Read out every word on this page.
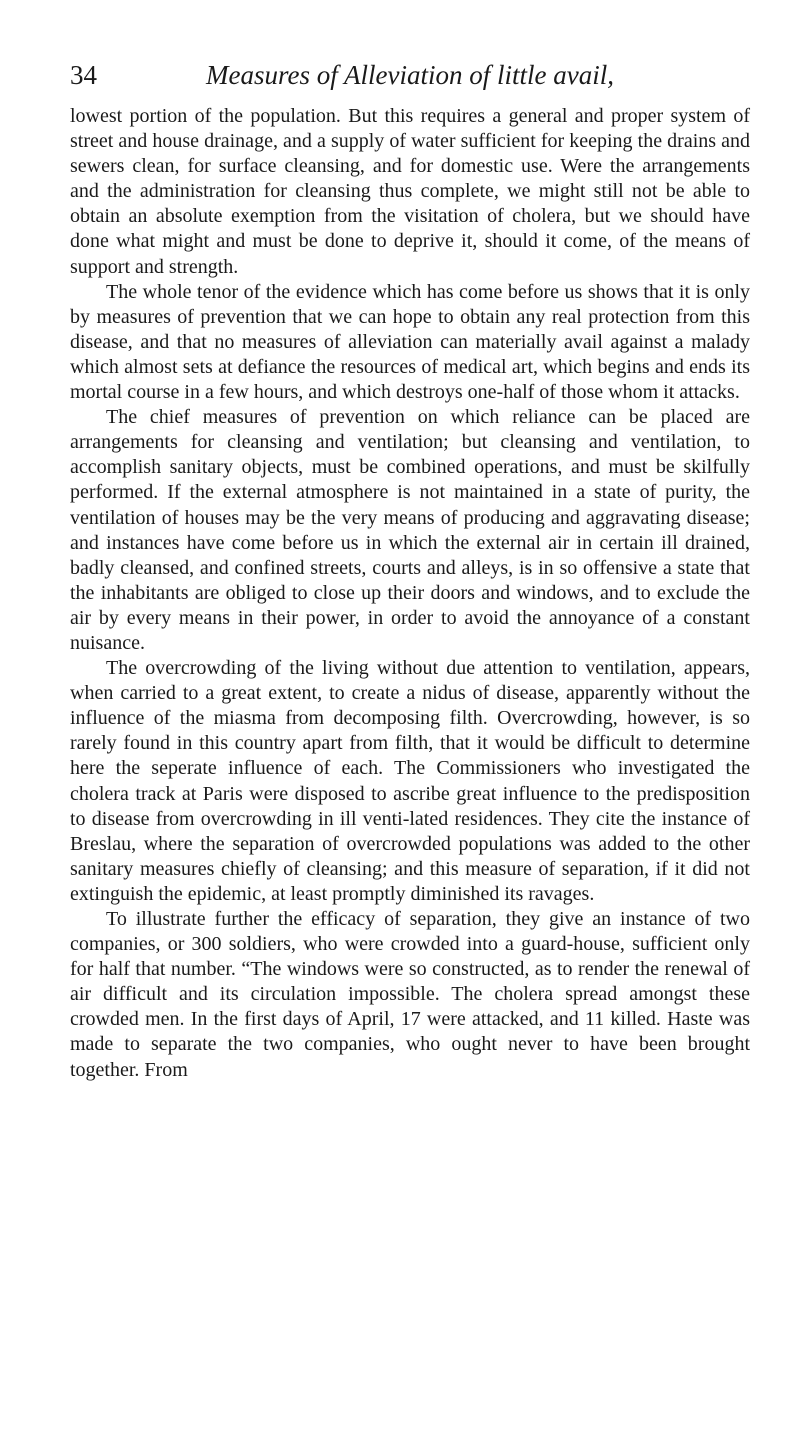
34	Measures of Alleviation of little avail,

lowest portion of the population. But this requires a general and proper system of street and house drainage, and a supply of water sufficient for keeping the drains and sewers clean, for surface cleansing, and for domestic use. Were the arrangements and the administration for cleansing thus complete, we might still not be able to obtain an absolute exemption from the visitation of cholera, but we should have done what might and must be done to deprive it, should it come, of the means of support and strength.

The whole tenor of the evidence which has come before us shows that it is only by measures of prevention that we can hope to obtain any real protection from this disease, and that no measures of alleviation can materially avail against a malady which almost sets at defiance the resources of medical art, which begins and ends its mortal course in a few hours, and which destroys one-half of those whom it attacks.

The chief measures of prevention on which reliance can be placed are arrangements for cleansing and ventilation; but cleansing and ventilation, to accomplish sanitary objects, must be combined operations, and must be skilfully performed. If the external atmosphere is not maintained in a state of purity, the ventilation of houses may be the very means of producing and aggravating disease; and instances have come before us in which the external air in certain ill drained, badly cleansed, and confined streets, courts and alleys, is in so offensive a state that the inhabitants are obliged to close up their doors and windows, and to exclude the air by every means in their power, in order to avoid the annoyance of a constant nuisance.

The overcrowding of the living without due attention to ventilation, appears, when carried to a great extent, to create a nidus of disease, apparently without the influence of the miasma from decomposing filth. Overcrowding, however, is so rarely found in this country apart from filth, that it would be difficult to determine here the seperate influence of each. The Commissioners who investigated the cholera track at Paris were disposed to ascribe great influence to the predisposition to disease from overcrowding in ill venti-lated residences. They cite the instance of Breslau, where the separation of overcrowded populations was added to the other sanitary measures chiefly of cleansing; and this measure of separation, if it did not extinguish the epidemic, at least promptly diminished its ravages.

To illustrate further the efficacy of separation, they give an instance of two companies, or 300 soldiers, who were crowded into a guard-house, sufficient only for half that number. “The windows were so constructed, as to render the renewal of air difficult and its circulation impossible. The cholera spread amongst these crowded men. In the first days of April, 17 were attacked, and 11 killed. Haste was made to separate the two companies, who ought never to have been brought together. From
